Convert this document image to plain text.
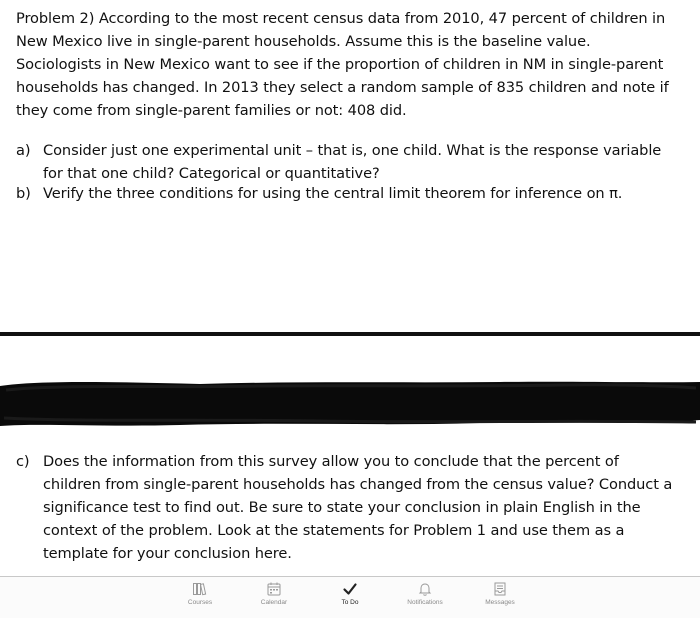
Problem 2) According to the most recent census data from 2010, 47 percent of children in
New Mexico live in single-parent households. Assume this is the baseline value.
Sociologists in New Mexico want to see if the proportion of children in NM in single-parent
households has changed. In 2013 they select a random sample of 835 children and note if
they come from single-parent families or not: 408 did.
a) Consider just one experimental unit – that is, one child. What is the response variable
for that one child? Categorical or quantitative?
b) Verify the three conditions for using the central limit theorem for inference on π.
c) Does the information from this survey allow you to conclude that the percent of
children from single-parent households has changed from the census value? Conduct a
significance test to find out. Be sure to state your conclusion in plain English in the
context of the problem. Look at the statements for Problem 1 and use them as a
template for your conclusion here.
Courses	Calendar	To Do	Notifications	Messages
